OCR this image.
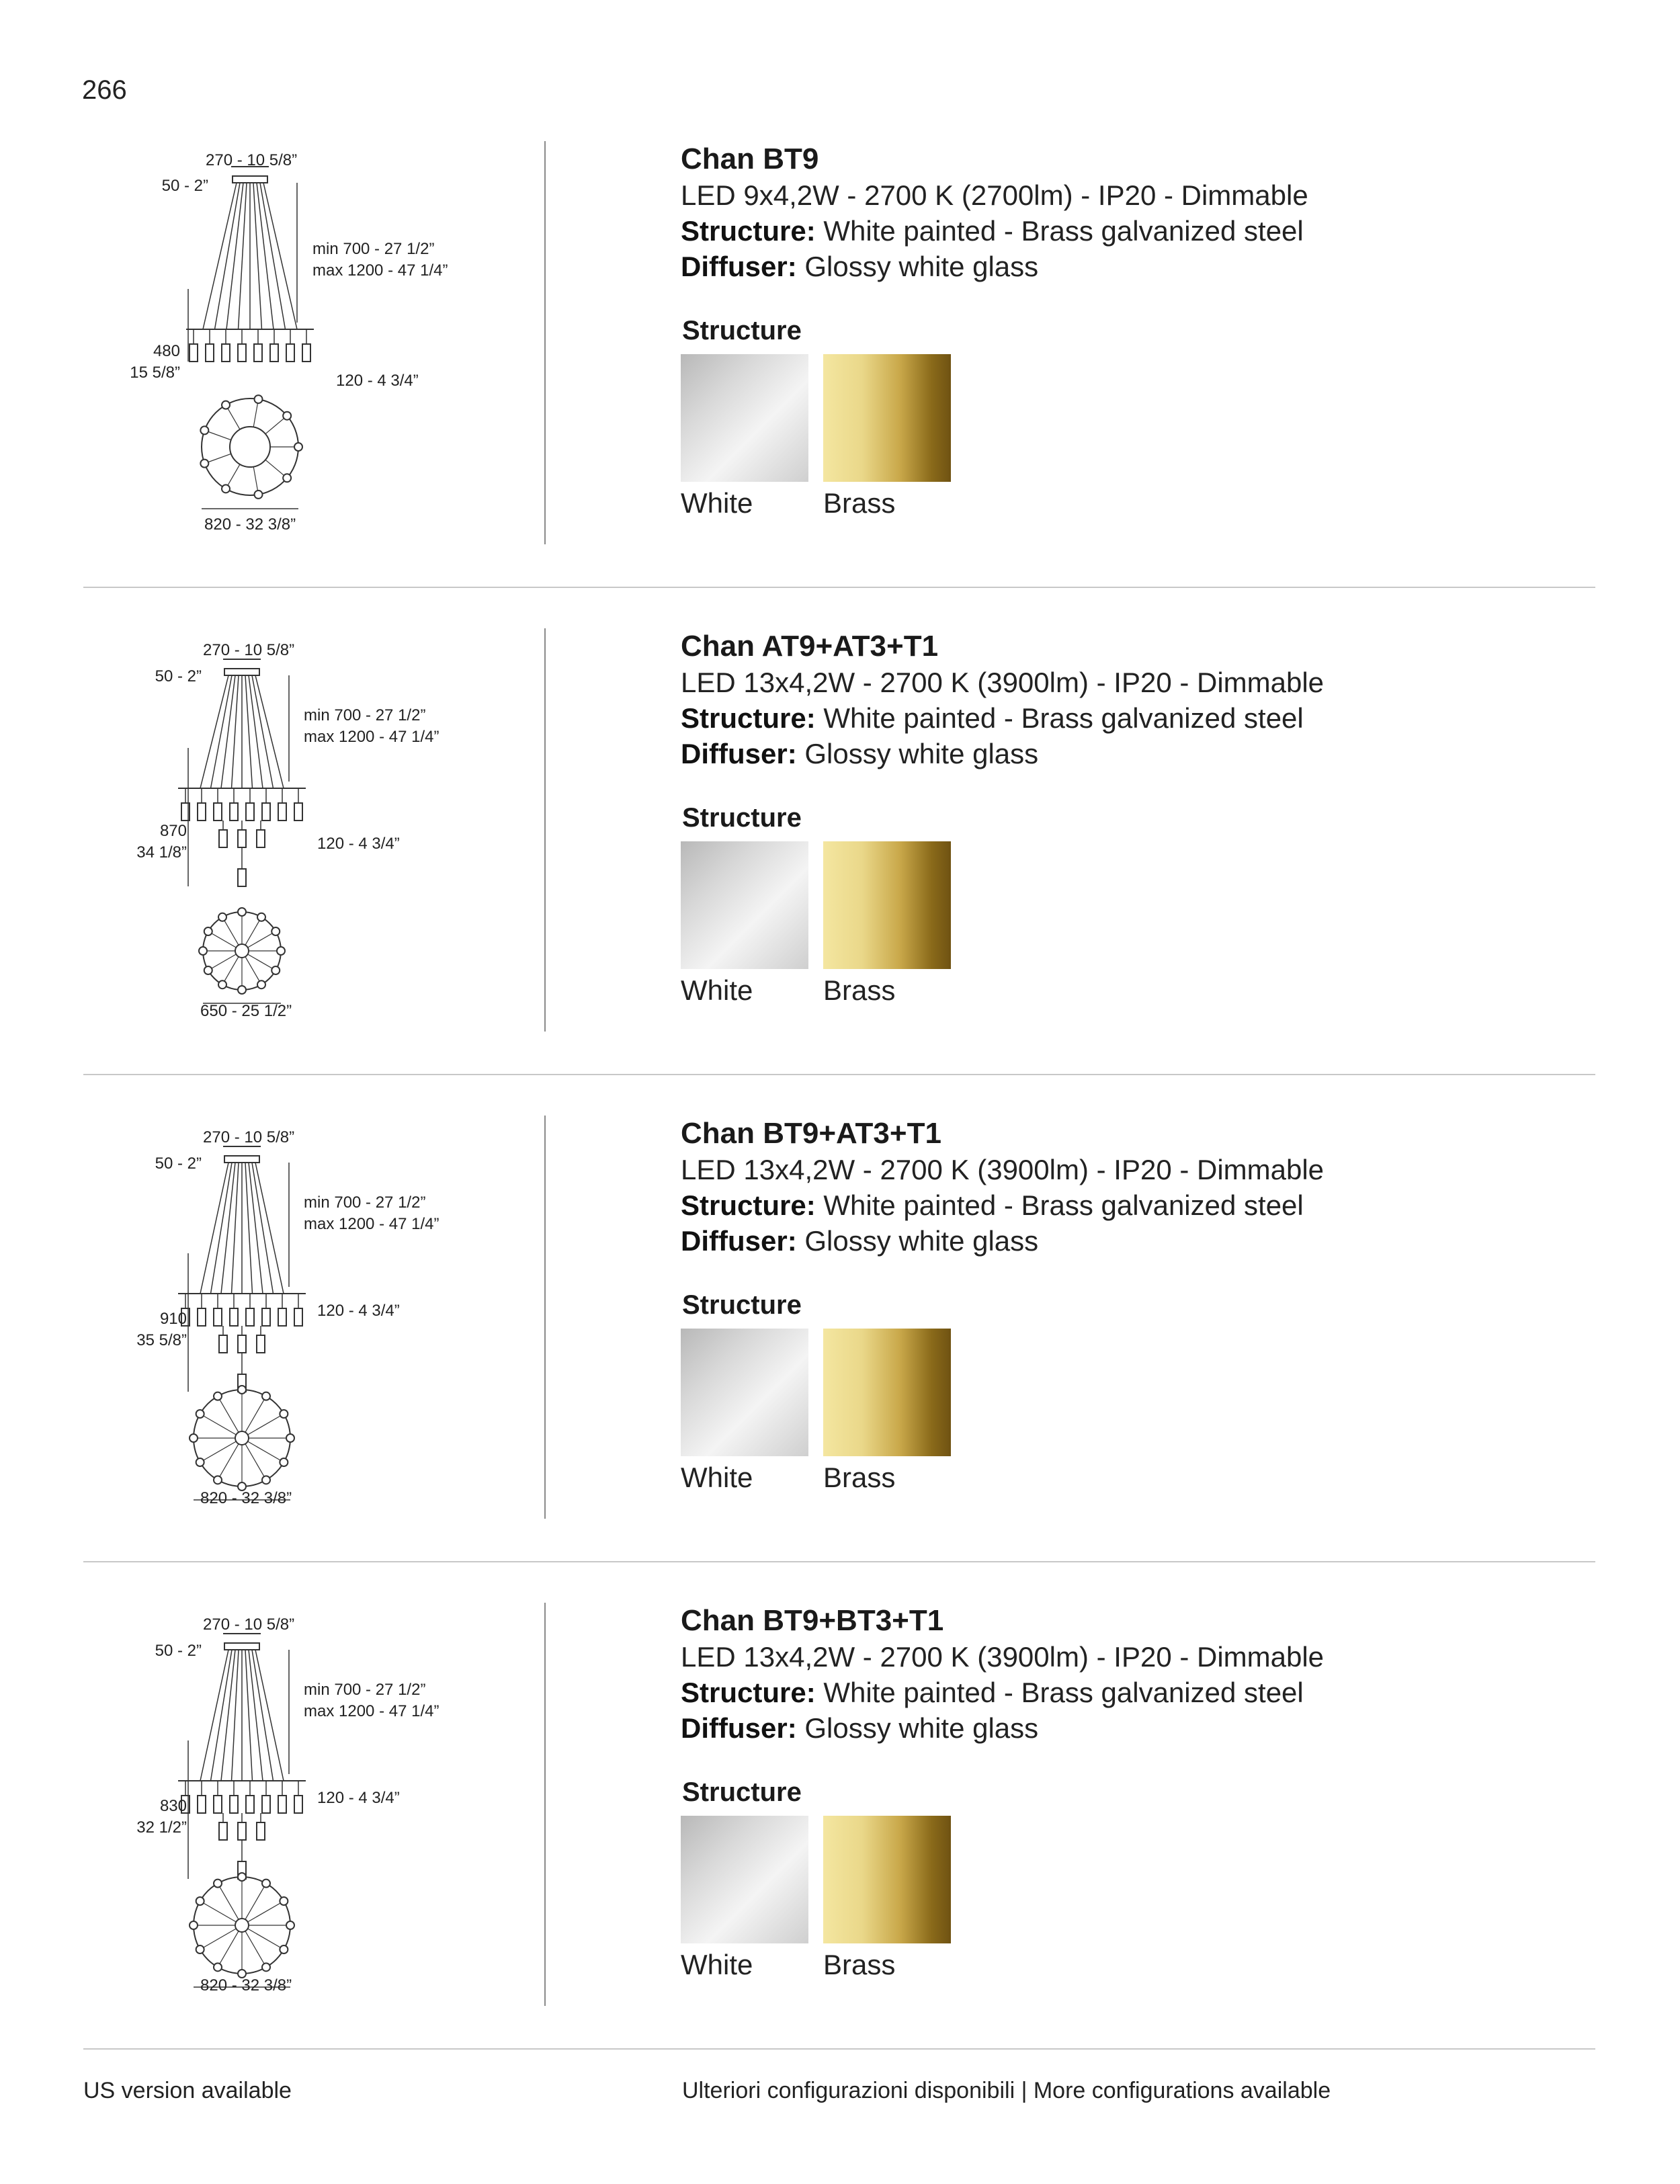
266
270 - 10 5/8”
50 - 2”
min 700 - 27 1/2”
max 1200 - 47 1/4”
480
15 5/8”	120 - 4 3/4”
820 - 32 3/8”

Chan BT9

LED 9x4,2W - 2700 K (2700lm) - IP20 - Dimmable

Structure: White painted - Brass galvanized steel

Diffuser: Glossy white glass

Structure
White Brass
270 - 10 5/8”
50 - 2”
min 700 - 27 1/2”
max 1200 - 47 1/4”
870
34 1/8”	120 - 4 3/4”
650 - 25 1/2”

Chan AT9+AT3+T1

LED 13x4,2W - 2700 K (3900lm) - IP20 - Dimmable

Structure: White painted - Brass galvanized steel

Diffuser: Glossy white glass

Structure
White Brass
270 - 10 5/8”
50 - 2”
min 700 - 27 1/2”
max 1200 - 47 1/4”
910
35 5/8”
120 - 4 3/4”
820 - 32 3/8”

Chan BT9+AT3+T1

LED 13x4,2W - 2700 K (3900lm) - IP20 - Dimmable

Structure: White painted - Brass galvanized steel

Diffuser: Glossy white glass

Structure
White Brass
270 - 10 5/8”
50 - 2”
min 700 - 27 1/2”
max 1200 - 47 1/4”
830
32 1/2”
120 - 4 3/4”
820 - 32 3/8”

Chan BT9+BT3+T1

LED 13x4,2W - 2700 K (3900lm) - IP20 - Dimmable

Structure: White painted - Brass galvanized steel

Diffuser: Glossy white glass

Structure
White Brass
US version available	Ulteriori configurazioni disponibili | More configurations available
